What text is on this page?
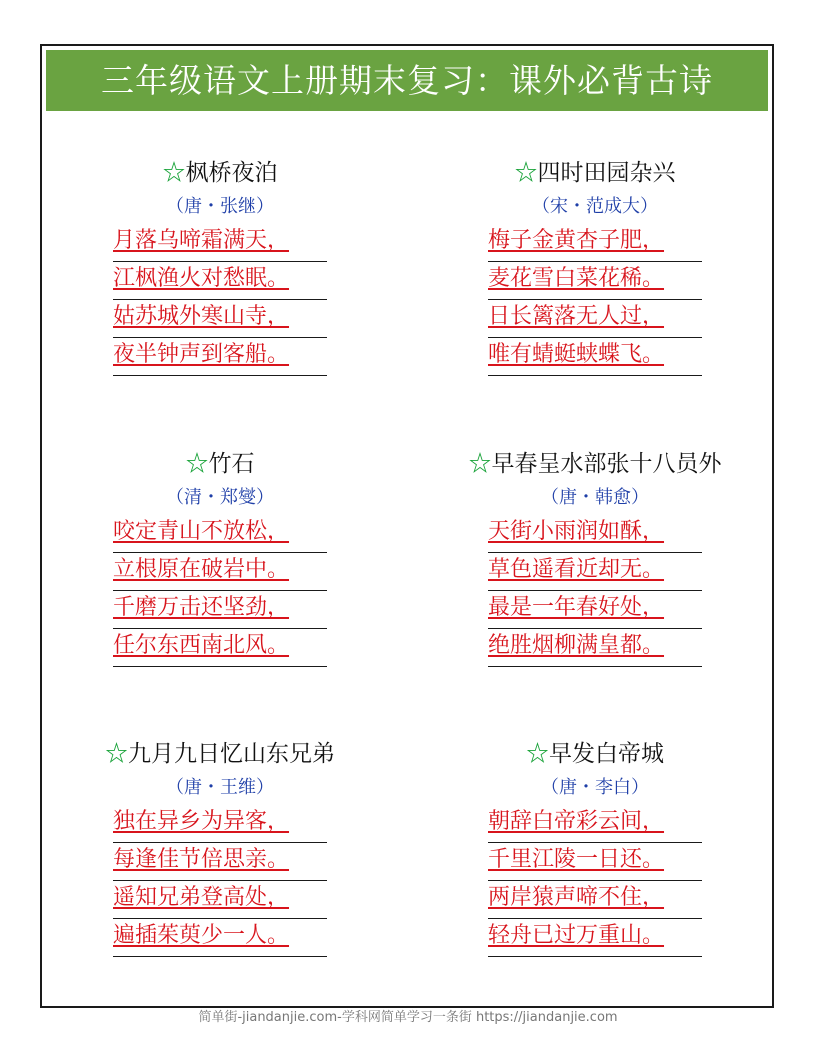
三年级语文上册期末复习：课外必背古诗
☆枫桥夜泊
（唐・张继）
月落乌啼霜满天，
江枫渔火对愁眠。
姑苏城外寒山寺，
夜半钟声到客船。
☆四时田园杂兴
（宋・范成大）
梅子金黄杏子肥，
麦花雪白菜花稀。
日长篱落无人过，
唯有蜻蜓蛱蝶飞。
☆竹石
（清・郑燮）
咬定青山不放松，
立根原在破岩中。
千磨万击还坚劲，
任尔东西南北风。
☆早春呈水部张十八员外
（唐・韩愈）
天街小雨润如酥，
草色遥看近却无。
最是一年春好处，
绝胜烟柳满皇都。
☆九月九日忆山东兄弟
（唐・王维）
独在异乡为异客，
每逢佳节倍思亲。
遥知兄弟登高处，
遍插茱萸少一人。
☆早发白帝城
（唐・李白）
朝辞白帝彩云间，
千里江陵一日还。
两岸猿声啼不住，
轻舟已过万重山。
简单街-jiandanjie.com-学科网简单学习一条街 https://jiandanjie.com
